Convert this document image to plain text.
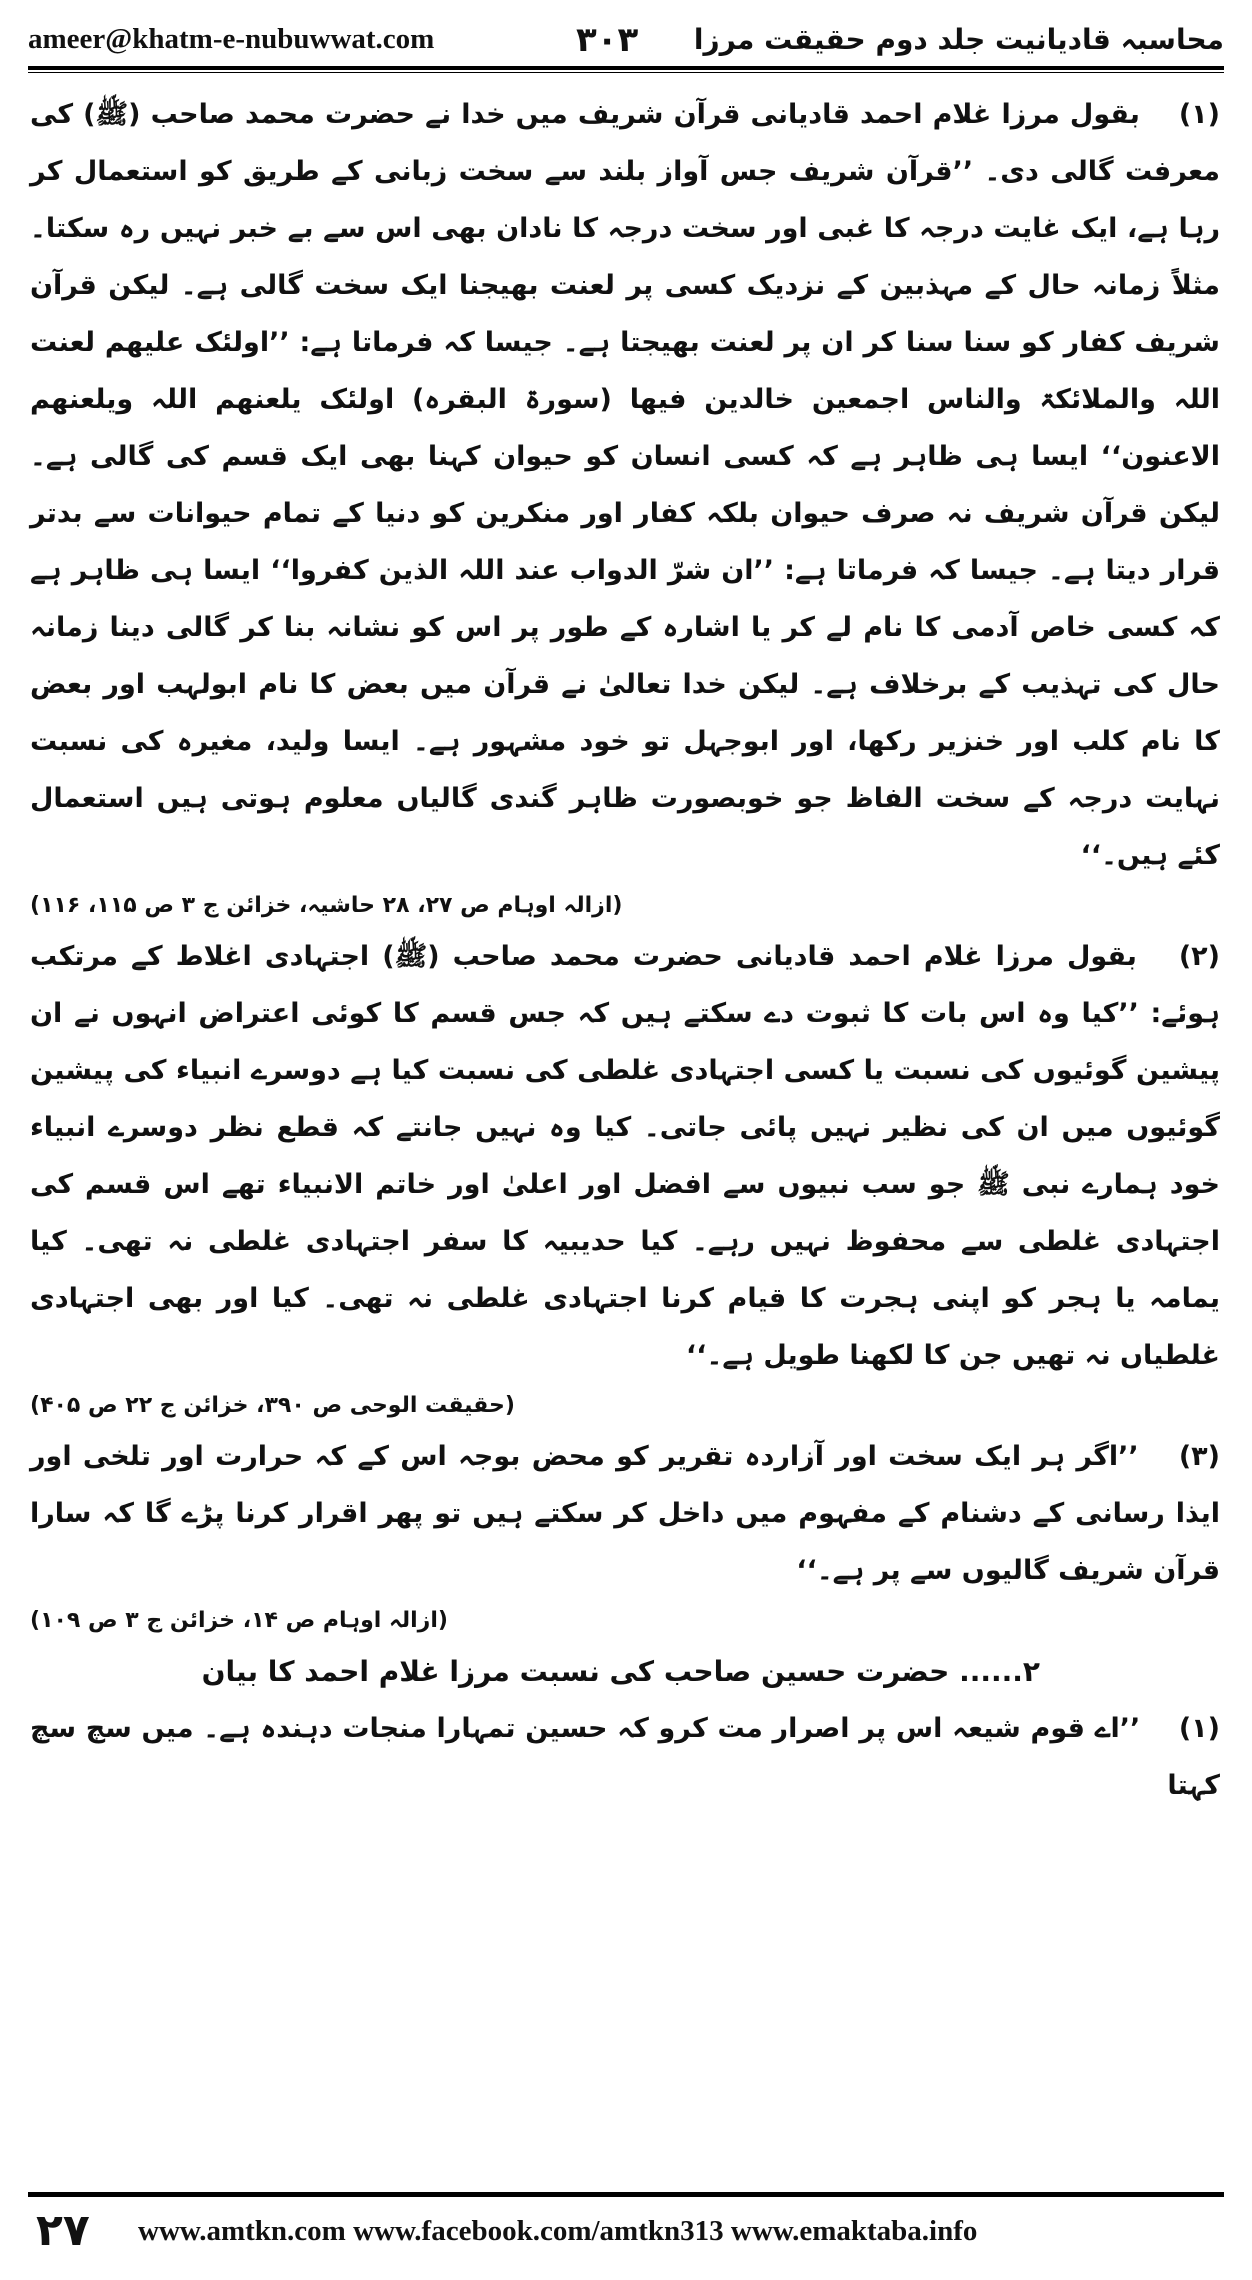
ameer@khatm-e-nubuwwat.com	۳۰۳ محاسبہ قادیانیت جلد دوم حقیقت مرزا

(۱) بقول مرزا غلام احمد قادیانی قرآن شریف میں خدا نے حضرت محمد صاحب (ﷺ) کی معرفت گالی دی۔ ’’قرآن شریف جس آواز بلند سے سخت زبانی کے طریق کو استعمال کر رہا ہے، ایک غایت درجہ کا غبی اور سخت درجہ کا نادان بھی اس سے بے خبر نہیں رہ سکتا۔ مثلاً زمانہ حال کے مہذبین کے نزدیک کسی پر لعنت بھیجنا ایک سخت گالی ہے۔ لیکن قرآن شریف کفار کو سنا سنا کر ان پر لعنت بھیجتا ہے۔ جیسا کہ فرماتا ہے: ’’اولئک علیھم لعنت اللہ والملائکۃ والناس اجمعین خالدین فیھا (سورۃ البقرہ) اولئک یلعنھم اللہ ویلعنھم الاعنون‘‘ ایسا ہی ظاہر ہے کہ کسی انسان کو حیوان کہنا بھی ایک قسم کی گالی ہے۔ لیکن قرآن شریف نہ صرف حیوان بلکہ کفار اور منکرین کو دنیا کے تمام حیوانات سے بدتر قرار دیتا ہے۔ جیسا کہ فرماتا ہے: ’’ان شرّ الدواب عند اللہ الذین کفروا‘‘ ایسا ہی ظاہر ہے کہ کسی خاص آدمی کا نام لے کر یا اشارہ کے طور پر اس کو نشانہ بنا کر گالی دینا زمانہ حال کی تہذیب کے برخلاف ہے۔ لیکن خدا تعالیٰ نے قرآن میں بعض کا نام ابولہب اور بعض کا نام کلب اور خنزیر رکھا، اور ابوجہل تو خود مشہور ہے۔ ایسا ولید، مغیرہ کی نسبت نہایت درجہ کے سخت الفاظ جو خوبصورت ظاہر گندی گالیاں معلوم ہوتی ہیں استعمال کئے ہیں۔‘‘
(ازالہ اوہام ص ۲۷، ۲۸ حاشیہ، خزائن ج ۳ ص ۱۱۵، ۱۱۶)

(۲) بقول مرزا غلام احمد قادیانی حضرت محمد صاحب (ﷺ) اجتہادی اغلاط کے مرتکب ہوئے: ’’کیا وہ اس بات کا ثبوت دے سکتے ہیں کہ جس قسم کا کوئی اعتراض انہوں نے ان پیشین گوئیوں کی نسبت یا کسی اجتہادی غلطی کی نسبت کیا ہے دوسرے انبیاء کی پیشین گوئیوں میں ان کی نظیر نہیں پائی جاتی۔ کیا وہ نہیں جانتے کہ قطع نظر دوسرے انبیاء خود ہمارے نبی ﷺ جو سب نبیوں سے افضل اور اعلیٰ اور خاتم الانبیاء تھے اس قسم کی اجتہادی غلطی سے محفوظ نہیں رہے۔ کیا حدیبیہ کا سفر اجتہادی غلطی نہ تھی۔ کیا یمامہ یا ہجر کو اپنی ہجرت کا قیام کرنا اجتہادی غلطی نہ تھی۔ کیا اور بھی اجتہادی غلطیاں نہ تھیں جن کا لکھنا طویل ہے۔‘‘
(حقیقت الوحی ص ۳۹۰، خزائن ج ۲۲ ص ۴۰۵)

(۳) ’’اگر ہر ایک سخت اور آزاردہ تقریر کو محض بوجہ اس کے کہ حرارت اور تلخی اور ایذا رسانی کے دشنام کے مفہوم میں داخل کر سکتے ہیں تو پھر اقرار کرنا پڑے گا کہ سارا قرآن شریف گالیوں سے پر ہے۔‘‘
(ازالہ اوہام ص ۱۴، خزائن ج ۳ ص ۱۰۹)

۲...... حضرت حسین صاحب کی نسبت مرزا غلام احمد کا بیان

(۱) ’’اے قوم شیعہ اس پر اصرار مت کرو کہ حسین تمہارا منجات دہندہ ہے۔ میں سچ سچ کہتا

۲۷ www.amtkn.com www.facebook.com/amtkn313 www.emaktaba.info
